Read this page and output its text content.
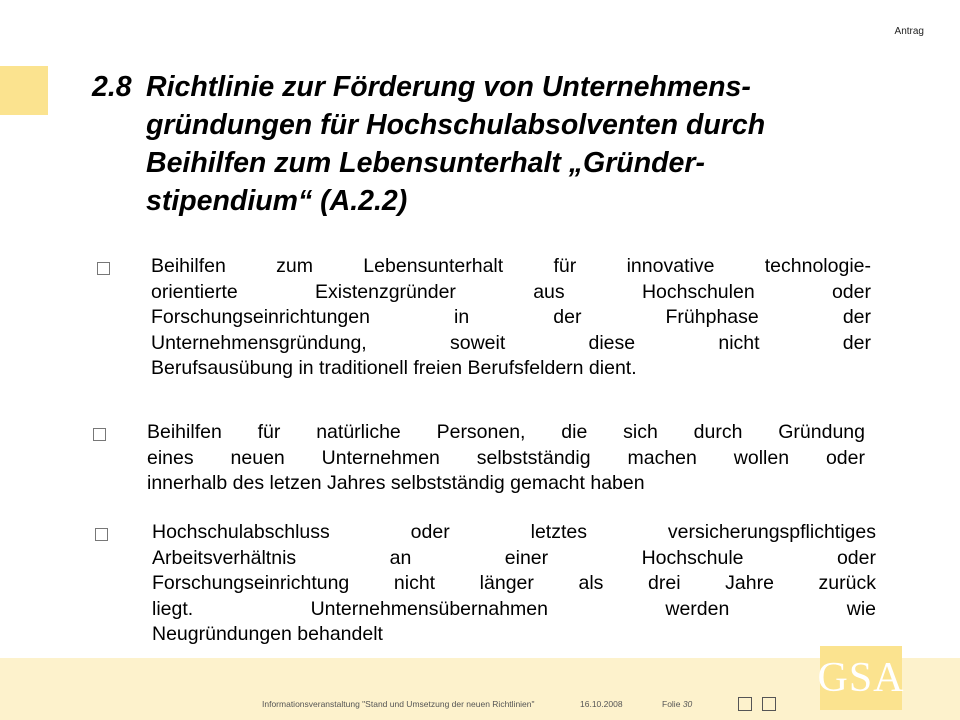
Antrag
2.8 Richtlinie zur Förderung von Unternehmens-
gründungen für Hochschulabsolventen durch
Beihilfen zum Lebensunterhalt „Gründer-
stipendium“ (A.2.2)
Beihilfen zum Lebensunterhalt für innovative technologie-
orientierte Existenzgründer aus Hochschulen oder
Forschungseinrichtungen in der Frühphase der
Unternehmensgründung, soweit diese nicht der
Berufsausübung in traditionell freien Berufsfeldern dient.
Beihilfen für natürliche Personen, die sich durch Gründung
eines neuen Unternehmen selbstständig machen wollen oder
innerhalb des letzen Jahres selbstständig gemacht haben
Hochschulabschluss oder letztes versicherungspflichtiges
Arbeitsverhältnis an einer Hochschule oder
Forschungseinrichtung nicht länger als drei Jahre zurück
liegt. Unternehmensübernahmen werden wie
Neugründungen behandelt
Informationsveranstaltung "Stand und Umsetzung der neuen Richtlinien"	16.10.2008	Folie 30
GSA
